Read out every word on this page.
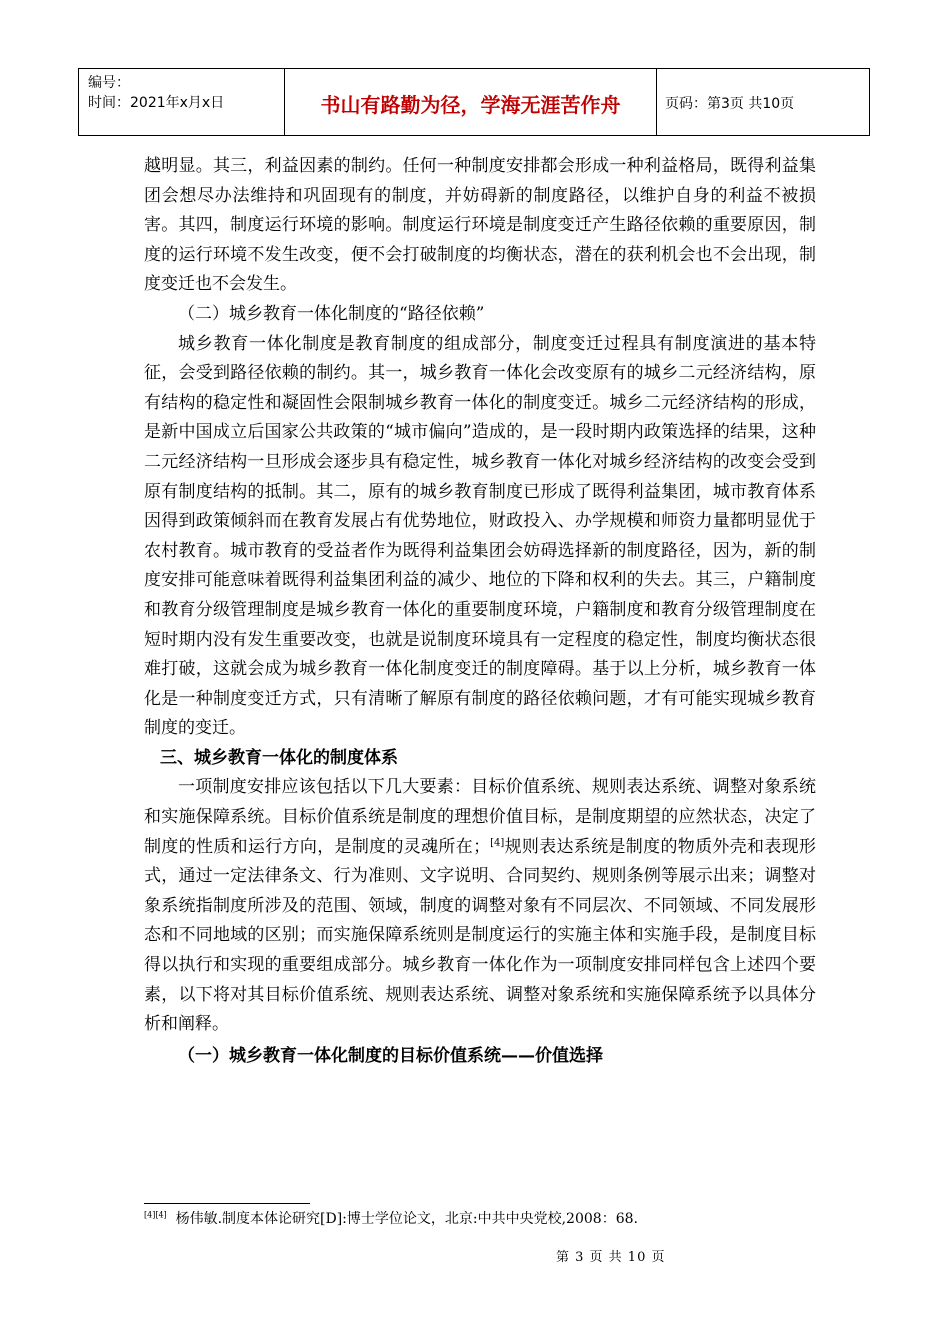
编号：
时间：2021年x月x日	书山有路勤为径，学海无涯苦作舟	页码：第3页 共10页

越明显。其三，利益因素的制约。任何一种制度安排都会形成一种利益格局，既得利益集团会想尽办法维持和巩固现有的制度，并妨碍新的制度路径，以维护自身的利益不被损害。其四，制度运行环境的影响。制度运行环境是制度变迁产生路径依赖的重要原因，制度的运行环境不发生改变，便不会打破制度的均衡状态，潜在的获利机会也不会出现，制度变迁也不会发生。

（二）城乡教育一体化制度的“路径依赖”

城乡教育一体化制度是教育制度的组成部分，制度变迁过程具有制度演进的基本特征，会受到路径依赖的制约。其一，城乡教育一体化会改变原有的城乡二元经济结构，原有结构的稳定性和凝固性会限制城乡教育一体化的制度变迁。城乡二元经济结构的形成，是新中国成立后国家公共政策的“城市偏向”造成的，是一段时期内政策选择的结果，这种二元经济结构一旦形成会逐步具有稳定性，城乡教育一体化对城乡经济结构的改变会受到原有制度结构的抵制。其二，原有的城乡教育制度已形成了既得利益集团，城市教育体系因得到政策倾斜而在教育发展占有优势地位，财政投入、办学规模和师资力量都明显优于农村教育。城市教育的受益者作为既得利益集团会妨碍选择新的制度路径，因为，新的制度安排可能意味着既得利益集团利益的减少、地位的下降和权利的失去。其三，户籍制度和教育分级管理制度是城乡教育一体化的重要制度环境，户籍制度和教育分级管理制度在短时期内没有发生重要改变，也就是说制度环境具有一定程度的稳定性，制度均衡状态很难打破，这就会成为城乡教育一体化制度变迁的制度障碍。基于以上分析，城乡教育一体化是一种制度变迁方式，只有清晰了解原有制度的路径依赖问题，才有可能实现城乡教育制度的变迁。

三、城乡教育一体化的制度体系

一项制度安排应该包括以下几大要素：目标价值系统、规则表达系统、调整对象系统和实施保障系统。目标价值系统是制度的理想价值目标，是制度期望的应然状态，决定了制度的性质和运行方向，是制度的灵魂所在；[4]规则表达系统是制度的物质外壳和表现形式，通过一定法律条文、行为准则、文字说明、合同契约、规则条例等展示出来；调整对象系统指制度所涉及的范围、领域，制度的调整对象有不同层次、不同领域、不同发展形态和不同地域的区别；而实施保障系统则是制度运行的实施主体和实施手段，是制度目标得以执行和实现的重要组成部分。城乡教育一体化作为一项制度安排同样包含上述四个要素，以下将对其目标价值系统、规则表达系统、调整对象系统和实施保障系统予以具体分析和阐释。

（一）城乡教育一体化制度的目标价值系统——价值选择

[4][4] 杨伟敏.制度本体论研究[D]:博士学位论文，北京:中共中央党校,2008：68.
第 3 页 共 10 页
